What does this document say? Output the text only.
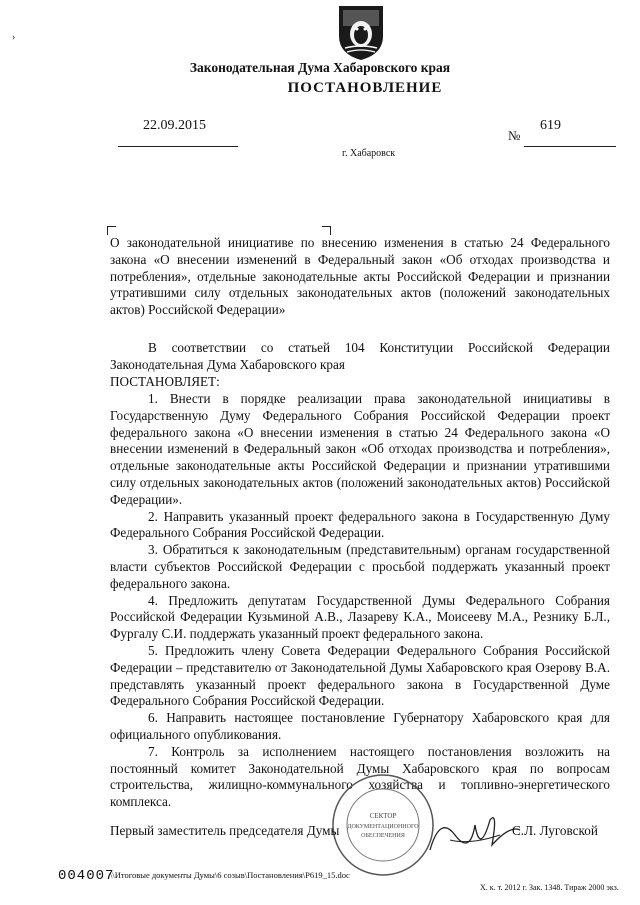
›
Законодательная Дума Хабаровского края
ПОСТАНОВЛЕНИЕ
22.09.2015
№
619
г. Хабаровск
О законодательной инициативе по внесению изменения в статью 24 Федерального закона «О внесении изменений в Федеральный закон «Об отходах производства и потребления», отдельные законодательные акты Российской Федерации и признании утратившими силу отдельных законодательных актов (положений законодательных актов) Российской Федерации»

В соответствии со статьей 104 Конституции Российской Федерации Законодательная Дума Хабаровского края

ПОСТАНОВЛЯЕТ:

1. Внести в порядке реализации права законодательной инициативы в Государственную Думу Федерального Собрания Российской Федерации проект федерального закона «О внесении изменения в статью 24 Федерального закона «О внесении изменений в Федеральный закон «Об отходах производства и потребления», отдельные законодательные акты Российской Федерации и признании утратившими силу отдельных законодательных актов (положений законодательных актов) Российской Федерации».

2. Направить указанный проект федерального закона в Государственную Думу Федерального Собрания Российской Федерации.

3. Обратиться к законодательным (представительным) органам государственной власти субъектов Российской Федерации с просьбой поддержать указанный проект федерального закона.

4. Предложить депутатам Государственной Думы Федерального Собрания Российской Федерации Кузьминой А.В., Лазареву К.А., Моисееву М.А., Резнику Б.Л., Фургалу С.И. поддержать указанный проект федерального закона.

5. Предложить члену Совета Федерации Федерального Собрания Российской Федерации – представителю от Законодательной Думы Хабаровского края Озерову В.А. представлять указанный проект федерального закона в Государственной Думе Федерального Собрания Российской Федерации.

6. Направить настоящее постановление Губернатору Хабаровского края для официального опубликования.

7. Контроль за исполнением настоящего постановления возложить на постоянный комитет Законодательной Думы Хабаровского края по вопросам строительства, жилищно-коммунального хозяйства и топливно-энергетического комплекса.

СЕКТОР
ДОКУМЕНТАЦИОННОГО
ОБЕСПЕЧЕНИЯ
Первый заместитель председателя Думы	С.Л. Луговской
004007
\\Итоговые документы Думы\6 созыв\Постановления\Р619_15.doc
Х. к. т. 2012 г. Зак. 1348. Тираж 2000 экз.
